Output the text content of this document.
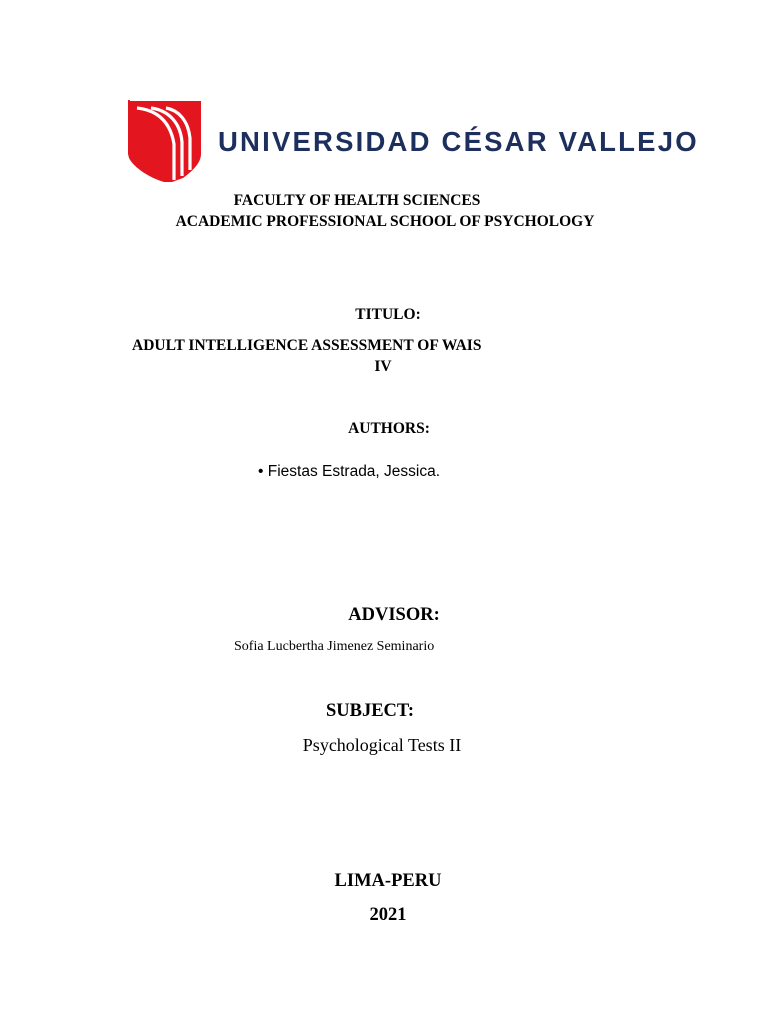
UNIVERSIDAD CÉSAR VALLEJO
FACULTY OF HEALTH SCIENCES
ACADEMIC PROFESSIONAL SCHOOL OF PSYCHOLOGY
TITULO:
ADULT INTELLIGENCE ASSESSMENT OF WAIS
IV
AUTHORS:
• Fiestas Estrada, Jessica.
ADVISOR:
Sofia Lucbertha Jimenez Seminario
SUBJECT:
Psychological Tests II
LIMA-PERU
2021
